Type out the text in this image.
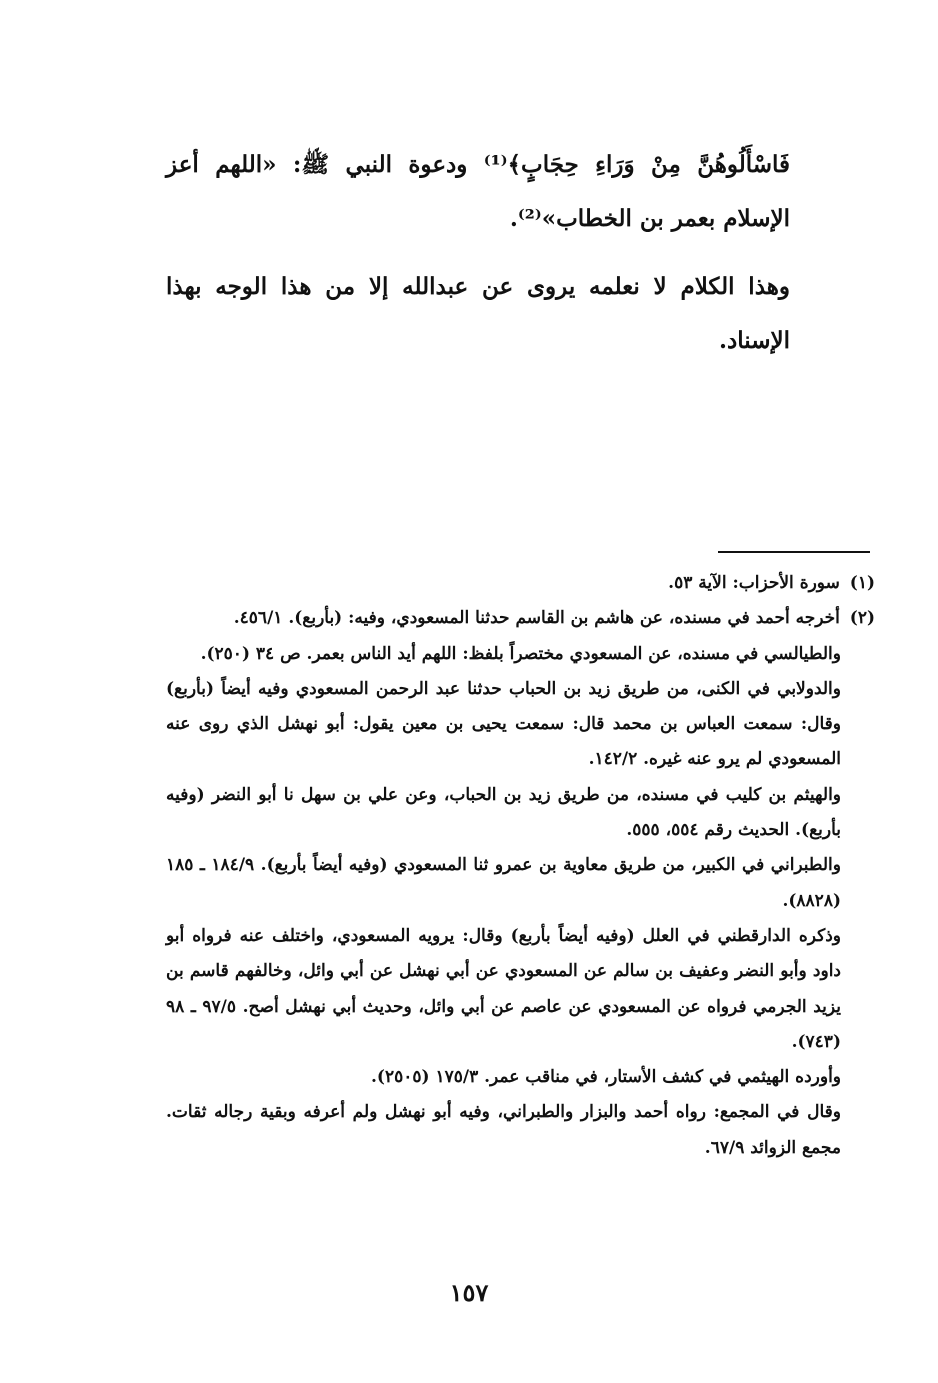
فَاسْأَلُوهُنَّ مِنْ وَرَاءِ حِجَابٍ﴾⁽¹⁾ ودعوة النبي ﷺ: «اللهم أعز الإسلام بعمر بن الخطاب»⁽²⁾.

وهذا الكلام لا نعلمه يروى عن عبدالله إلا من هذا الوجه بهذا الإسناد.

(١) سورة الأحزاب: الآية ٥٣.

(٢) أخرجه أحمد في مسنده، عن هاشم بن القاسم حدثنا المسعودي، وفيه: (بأربع). ٤٥٦/١.

والطيالسي في مسنده، عن المسعودي مختصراً بلفظ: اللهم أيد الناس بعمر. ص ٣٤ (٢٥٠).

والدولابي في الكنى، من طريق زيد بن الحباب حدثنا عبد الرحمن المسعودي وفيه أيضاً (بأربع) وقال: سمعت العباس بن محمد قال: سمعت يحيى بن معين يقول: أبو نهشل الذي روى عنه المسعودي لم يرو عنه غيره. ١٤٢/٢.

والهيثم بن كليب في مسنده، من طريق زيد بن الحباب، وعن علي بن سهل نا أبو النضر (وفيه بأربع). الحديث رقم ٥٥٤، ٥٥٥.

والطبراني في الكبير، من طريق معاوية بن عمرو ثنا المسعودي (وفيه أيضاً بأربع). ١٨٤/٩ ـ ١٨٥ (٨٨٢٨).

وذكره الدارقطني في العلل (وفيه أيضاً بأربع) وقال: يرويه المسعودي، واختلف عنه فرواه أبو داود وأبو النضر وعفيف بن سالم عن المسعودي عن أبي نهشل عن أبي وائل، وخالفهم قاسم بن يزيد الجرمي فرواه عن المسعودي عن عاصم عن أبي وائل، وحديث أبي نهشل أصح. ٩٧/٥ ـ ٩٨ (٧٤٣).

وأورده الهيثمي في كشف الأستار، في مناقب عمر. ١٧٥/٣ (٢٥٠٥).

وقال في المجمع: رواه أحمد والبزار والطبراني، وفيه أبو نهشل ولم أعرفه وبقية رجاله ثقات. مجمع الزوائد ٦٧/٩.

١٥٧
